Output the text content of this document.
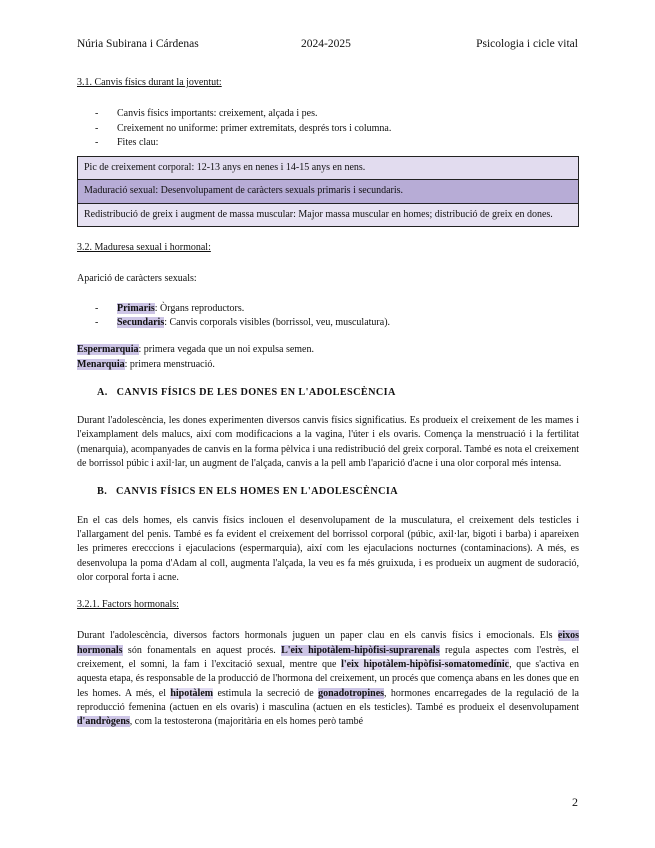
Núria Subirana i Cárdenas	2024-2025	Psicologia i cicle vital

3.1. Canvis físics durant la joventut:

- Canvis físics importants: creixement, alçada i pes.
- Creixement no uniforme: primer extremitats, després tors i columna.
- Fites clau:
Pic de creixement corporal: 12-13 anys en nenes i 14-15 anys en nens.
Maduració sexual: Desenvolupament de caràcters sexuals primaris i secundaris.
Redistribució de greix i augment de massa muscular: Major massa muscular en homes; distribució de greix en dones.

3.2. Maduresa sexual i hormonal:

Aparició de caràcters sexuals:

- Primaris: Òrgans reproductors.
- Secundaris: Canvis corporals visibles (borrissol, veu, musculatura).

Espermarquia: primera vegada que un noi expulsa semen.

Menarquia: primera menstruació.

A. CANVIS FÍSICS DE LES DONES EN L'ADOLESCÈNCIA

Durant l'adolescència, les dones experimenten diversos canvis físics significatius. Es produeix el creixement de les mames i l'eixamplament dels malucs, així com modificacions a la vagina, l'úter i els ovaris. Comença la menstruació i la fertilitat (menarquia), acompanyades de canvis en la forma pèlvica i una redistribució del greix corporal. També es nota el creixement de borrissol púbic i axil·lar, un augment de l'alçada, canvis a la pell amb l'aparició d'acne i una olor corporal més intensa.

B. CANVIS FÍSICS EN ELS HOMES EN L'ADOLESCÈNCIA

En el cas dels homes, els canvis físics inclouen el desenvolupament de la musculatura, el creixement dels testicles i l'allargament del penis. També es fa evident el creixement del borrissol corporal (púbic, axil·lar, bigoti i barba) i apareixen les primeres erecccions i ejaculacions (espermarquia), així com les ejaculacions nocturnes (contaminacions). A més, es desenvolupa la poma d'Adam al coll, augmenta l'alçada, la veu es fa més gruixuda, i es produeix un augment de sudoració, olor corporal forta i acne.

3.2.1. Factors hormonals:

Durant l'adolescència, diversos factors hormonals juguen un paper clau en els canvis físics i emocionals. Els eixos hormonals són fonamentals en aquest procés. L'eix hipotàlem-hipòfisi-suprarenals regula aspectes com l'estrès, el creixement, el somni, la fam i l'excitació sexual, mentre que l'eix hipotàlem-hipòfisi-somatomedínic, que s'activa en aquesta etapa, és responsable de la producció de l'hormona del creixement, un procés que comença abans en les dones que en les homes. A més, el hipotàlem estimula la secreció de gonadotropines, hormones encarregades de la regulació de la reproducció femenina (actuen en els ovaris) i masculina (actuen en els testicles). També es produeix el desenvolupament d'andrògens, com la testosterona (majoritària en els homes però també

2
